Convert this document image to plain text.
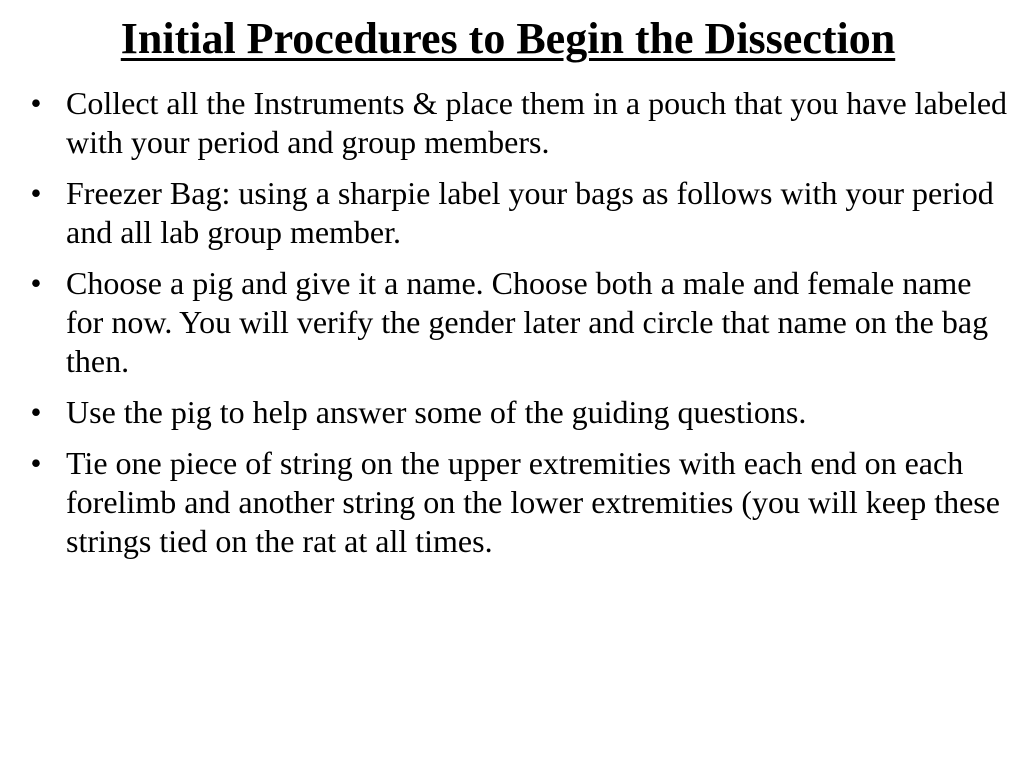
Initial Procedures to Begin the Dissection
• Collect all the Instruments & place them in a pouch that you have labeled with your period and group members.
• Freezer Bag: using a sharpie label your bags as follows with your period and all lab group member.
• Choose a pig and give it a name. Choose both a male and female name for now. You will verify the gender later and circle that name on the bag then.
• Use the pig to help answer some of the guiding questions.
• Tie one piece of string on the upper extremities with each end on each forelimb and another string on the lower extremities (you will keep these strings tied on the rat at all times.
